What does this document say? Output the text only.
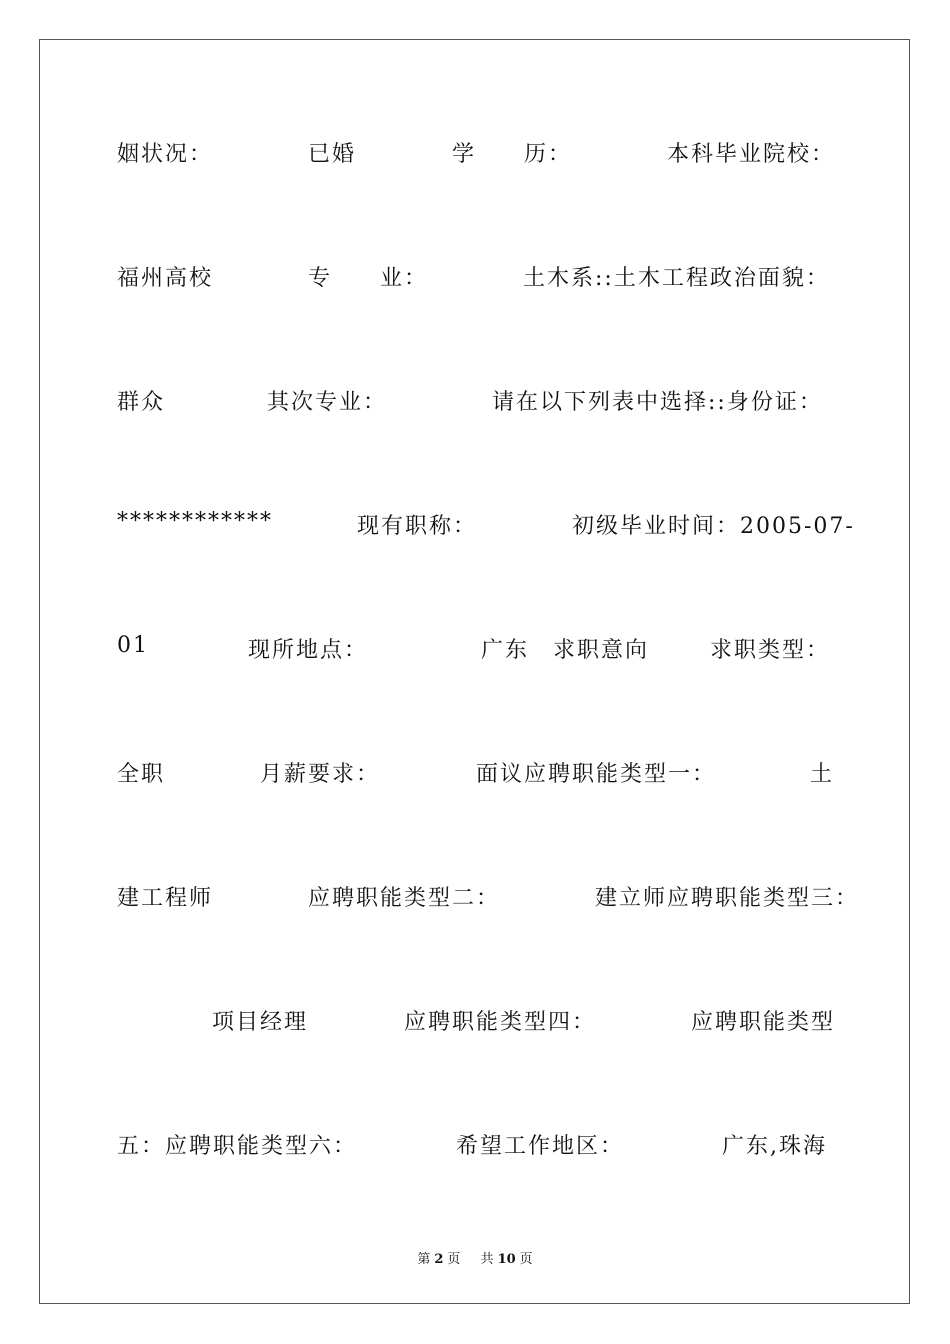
姻状况：	已婚	学　　历：	本科毕业院校：
福州高校	专　　业：	土木系::土木工程政治面貌：
群众	其次专业：	请在以下列表中选择::身份证：
************	现有职称：	初级毕业时间：2005-07-
01	现所地点：	广东　求职意向	求职类型：
全职	月薪要求：	面议应聘职能类型一：	土
建工程师	应聘职能类型二：	建立师应聘职能类型三：
项目经理	应聘职能类型四：	应聘职能类型
五：应聘职能类型六：	希望工作地区：	广东,珠海
第 2 页 共 10 页
